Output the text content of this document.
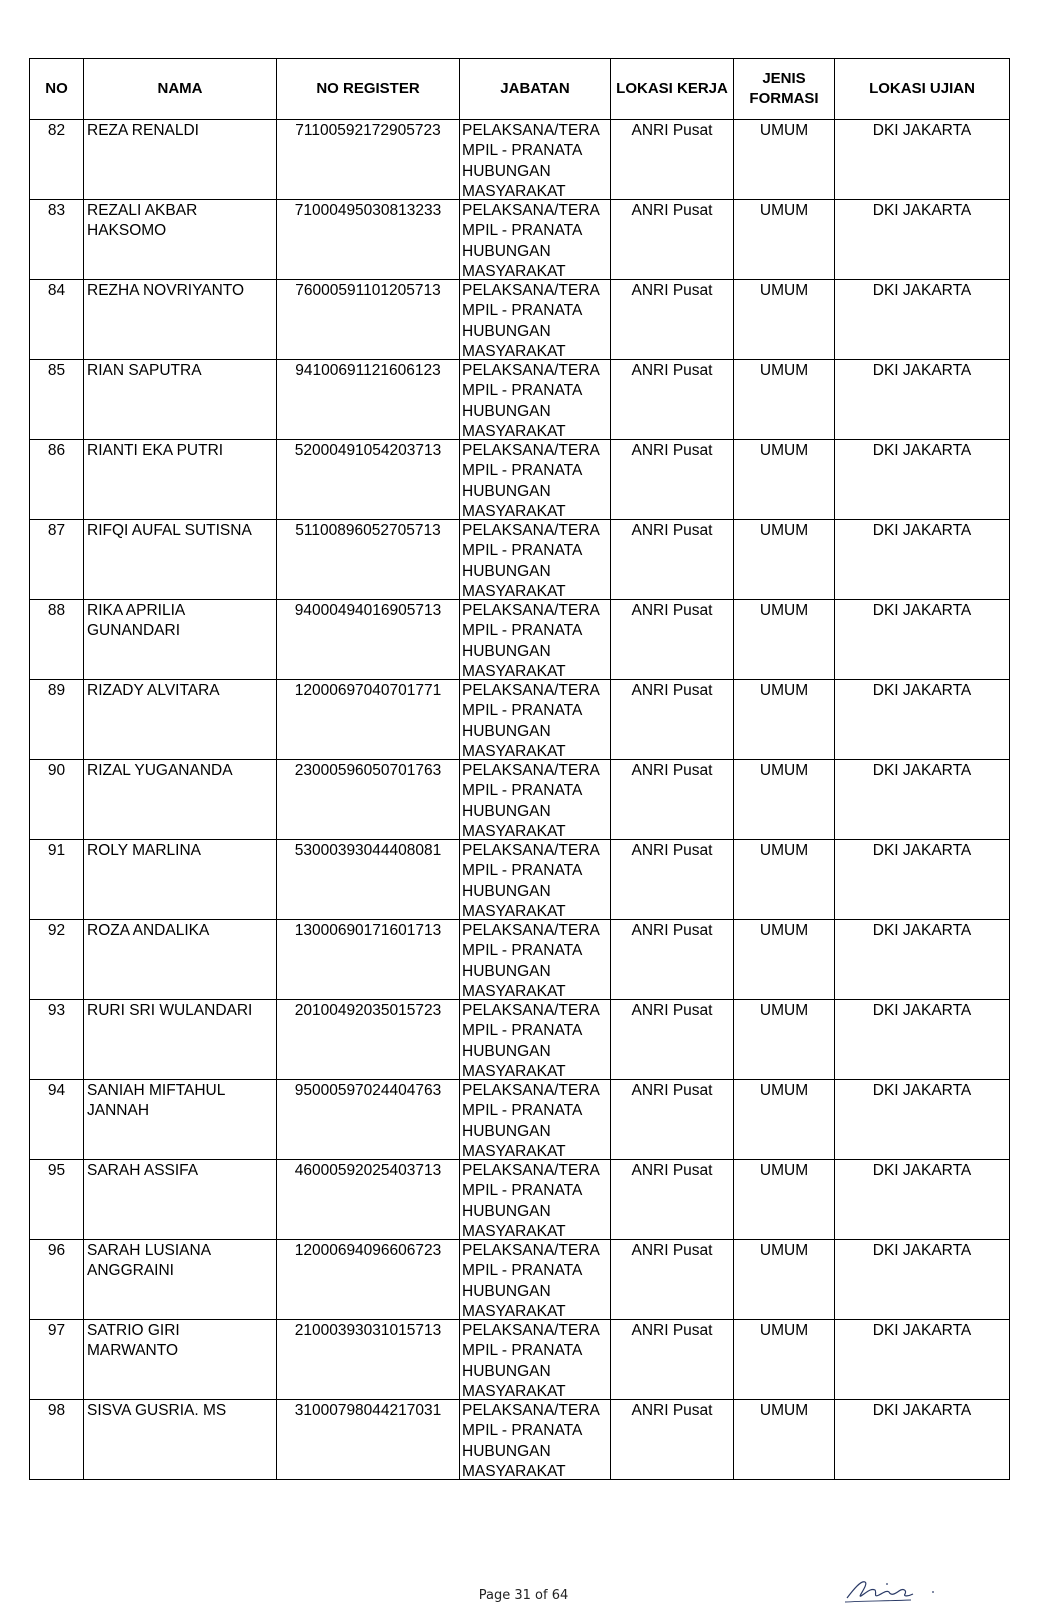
NO	NAMA	NO REGISTER	JABATAN	LOKASI KERJA	JENIS
FORMASI	LOKASI UJIAN

82	REZA RENALDI	71100592172905723	PELAKSANA/TERA
MPIL - PRANATA
HUBUNGAN
MASYARAKAT	ANRI Pusat	UMUM	DKI JAKARTA

83	REZALI AKBAR
HAKSOMO	71000495030813233	PELAKSANA/TERA
MPIL - PRANATA
HUBUNGAN
MASYARAKAT	ANRI Pusat	UMUM	DKI JAKARTA

84	REZHA NOVRIYANTO	76000591101205713	PELAKSANA/TERA
MPIL - PRANATA
HUBUNGAN
MASYARAKAT	ANRI Pusat	UMUM	DKI JAKARTA

85	RIAN SAPUTRA	94100691121606123	PELAKSANA/TERA
MPIL - PRANATA
HUBUNGAN
MASYARAKAT	ANRI Pusat	UMUM	DKI JAKARTA

86	RIANTI EKA PUTRI	52000491054203713	PELAKSANA/TERA
MPIL - PRANATA
HUBUNGAN
MASYARAKAT	ANRI Pusat	UMUM	DKI JAKARTA

87	RIFQI AUFAL SUTISNA	51100896052705713	PELAKSANA/TERA
MPIL - PRANATA
HUBUNGAN
MASYARAKAT	ANRI Pusat	UMUM	DKI JAKARTA

88	RIKA APRILIA
GUNANDARI	94000494016905713	PELAKSANA/TERA
MPIL - PRANATA
HUBUNGAN
MASYARAKAT	ANRI Pusat	UMUM	DKI JAKARTA

89	RIZADY ALVITARA	12000697040701771	PELAKSANA/TERA
MPIL - PRANATA
HUBUNGAN
MASYARAKAT	ANRI Pusat	UMUM	DKI JAKARTA

90	RIZAL YUGANANDA	23000596050701763	PELAKSANA/TERA
MPIL - PRANATA
HUBUNGAN
MASYARAKAT	ANRI Pusat	UMUM	DKI JAKARTA

91	ROLY MARLINA	53000393044408081	PELAKSANA/TERA
MPIL - PRANATA
HUBUNGAN
MASYARAKAT	ANRI Pusat	UMUM	DKI JAKARTA

92	ROZA ANDALIKA	13000690171601713	PELAKSANA/TERA
MPIL - PRANATA
HUBUNGAN
MASYARAKAT	ANRI Pusat	UMUM	DKI JAKARTA

93	RURI SRI WULANDARI	20100492035015723	PELAKSANA/TERA
MPIL - PRANATA
HUBUNGAN
MASYARAKAT	ANRI Pusat	UMUM	DKI JAKARTA

94	SANIAH MIFTAHUL
JANNAH	95000597024404763	PELAKSANA/TERA
MPIL - PRANATA
HUBUNGAN
MASYARAKAT	ANRI Pusat	UMUM	DKI JAKARTA

95	SARAH ASSIFA	46000592025403713	PELAKSANA/TERA
MPIL - PRANATA
HUBUNGAN
MASYARAKAT	ANRI Pusat	UMUM	DKI JAKARTA

96	SARAH LUSIANA
ANGGRAINI	12000694096606723	PELAKSANA/TERA
MPIL - PRANATA
HUBUNGAN
MASYARAKAT	ANRI Pusat	UMUM	DKI JAKARTA

97	SATRIO GIRI
MARWANTO	21000393031015713	PELAKSANA/TERA
MPIL - PRANATA
HUBUNGAN
MASYARAKAT	ANRI Pusat	UMUM	DKI JAKARTA

98	SISVA GUSRIA. MS	31000798044217031	PELAKSANA/TERA
MPIL - PRANATA
HUBUNGAN
MASYARAKAT	ANRI Pusat	UMUM	DKI JAKARTA
Page 31 of 64
